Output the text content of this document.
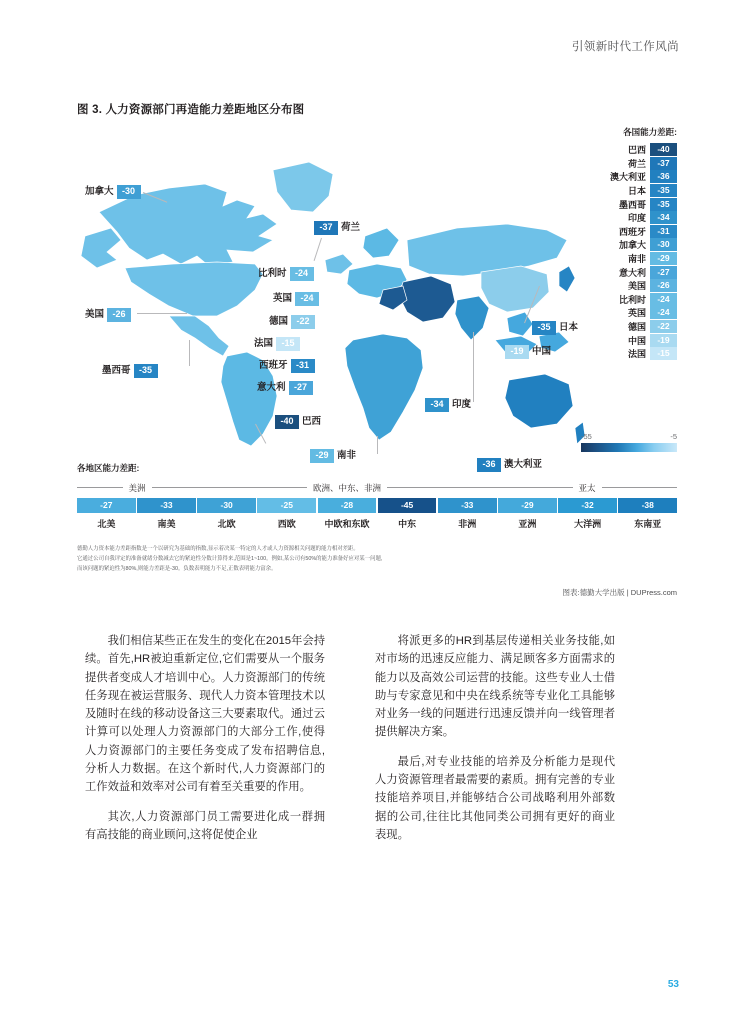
引领新时代工作风尚
图 3. 人力资源部门再造能力差距地区分布图
加拿大 -30
美国 -26
墨西哥 -35
-37 荷兰
比利时 -24
英国 -24
德国 -22
法国 -15
西班牙 -31
意大利 -27
-40 巴西
-29 南非
-34 印度
-19 中国
-35 日本
-36 澳大利亚
各国能力差距:
巴西	-40
荷兰	-37
澳大利亚	-36
日本	-35
墨西哥	-35
印度	-34
西班牙	-31
加拿大	-30
南非	-29
意大利	-27
美国	-26
比利时	-24
英国	-24
德国	-22
中国	-19
法国	-15
-55	-5
各地区能力差距:
美洲	欧洲、中东、非洲	亚太
-27
北美
-33
南美
-30
北欧
-25
西欧
-28
中欧和东欧
-45
中东
-33
非洲
-29
亚洲
-32
大洋洲
-38
东南亚
德勤人力资本能力差距指数是一个以研究为基础的指数,显示着决某一特定的人才或人力资源相关问题的能力相对差距。
它通过公司自我评定的准备就绪分数减去它的紧迫性分数计算得来,范围是1~100。例如,某公司有50%的能力准备好应对某一问题,
而该问题的紧迫性为80%,则能力差距是-30。负数表明能力不足,正数表明能力富余。
图表:德勤大学出版 | DUPress.com

我们相信某些正在发生的变化在2015年会持续。首先,HR被迫重新定位,它们需要从一个服务提供者变成人才培训中心。人力资源部门的传统任务现在被运营服务、现代人力资本管理技术以及随时在线的移动设备这三大要素取代。通过云计算可以处理人力资源部门的大部分工作,使得人力资源部门的主要任务变成了发布招聘信息,分析人力数据。在这个新时代,人力资源部门的工作效益和效率对公司有着至关重要的作用。

其次,人力资源部门员工需要进化成一群拥有高技能的商业顾问,这将促使企业

将派更多的HR到基层传递相关业务技能,如对市场的迅速反应能力、满足顾客多方面需求的能力以及高效公司运营的技能。这些专业人士借助与专家意见和中央在线系统等专业化工具能够对业务一线的问题进行迅速反馈并向一线管理者提供解决方案。

最后,对专业技能的培养及分析能力是现代人力资源管理者最需要的素质。拥有完善的专业技能培养项目,并能够结合公司战略利用外部数据的公司,往往比其他同类公司拥有更好的商业表现。

53
